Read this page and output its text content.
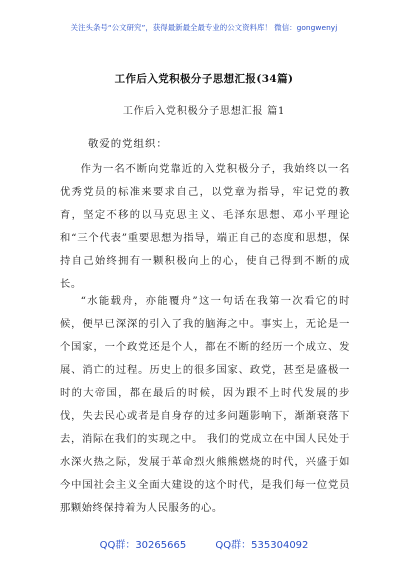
关注头条号“公文研究”，获得最新最全最专业的公文资料库！ 微信：gongwenyj
工作后入党积极分子思想汇报(34篇)
工作后入党积极分子思想汇报 篇1
敬爱的党组织：

作为一名不断向党靠近的入党积极分子，我始终以一名优秀党员的标准来要求自己，以党章为指导，牢记党的教育，坚定不移的以马克思主义、毛泽东思想、邓小平理论和“三个代表”重要思想为指导，端正自己的态度和思想，保持自己始终拥有一颗积极向上的心，使自己得到不断的成长。

“水能载舟，亦能覆舟”这一句话在我第一次看它的时候，便早已深深的引入了我的脑海之中。事实上，无论是一个国家，一个政党还是个人，都在不断的经历一个成立、发展、消亡的过程。历史上的很多国家、政党，甚至是盛极一时的大帝国，都在最后的时候，因为跟不上时代发展的步伐，失去民心或者是自身存的过多问题影响下，渐渐衰落下去，消际在我们的实现之中。 我们的党成立在中国人民处于水深火热之际，发展于革命烈火熊熊燃烧的时代，兴盛于如今中国社会主义全面大建设的这个时代，是我们每一位党员那颗始终保持着为人民服务的心。

QQ群：30265665	QQ群：535304092
